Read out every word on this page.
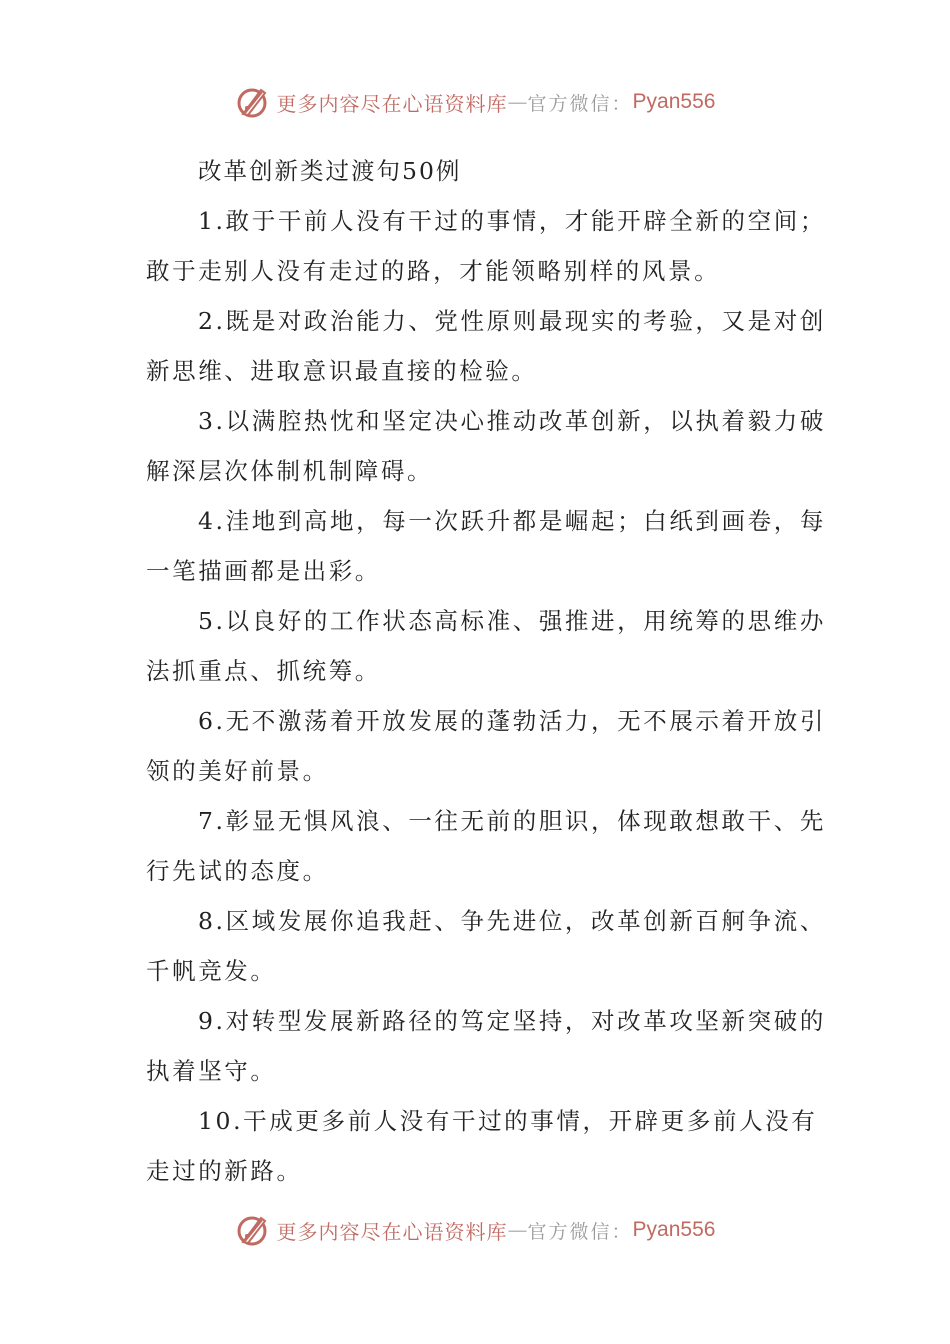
更多内容尽在心语资料库 — 官方微信： Pyan556

改革创新类过渡句50例

1.敢于干前人没有干过的事情，才能开辟全新的空间；敢于走别人没有走过的路，才能领略别样的风景。

2.既是对政治能力、党性原则最现实的考验，又是对创新思维、进取意识最直接的检验。

3.以满腔热忱和坚定决心推动改革创新，以执着毅力破解深层次体制机制障碍。

4.洼地到高地，每一次跃升都是崛起；白纸到画卷，每一笔描画都是出彩。

5.以良好的工作状态高标准、强推进，用统筹的思维办法抓重点、抓统筹。

6.无不激荡着开放发展的蓬勃活力，无不展示着开放引领的美好前景。

7.彰显无惧风浪、一往无前的胆识，体现敢想敢干、先行先试的态度。

8.区域发展你追我赶、争先进位，改革创新百舸争流、千帆竞发。

9.对转型发展新路径的笃定坚持，对改革攻坚新突破的执着坚守。

10.干成更多前人没有干过的事情，开辟更多前人没有走过的新路。

更多内容尽在心语资料库 — 官方微信： Pyan556
